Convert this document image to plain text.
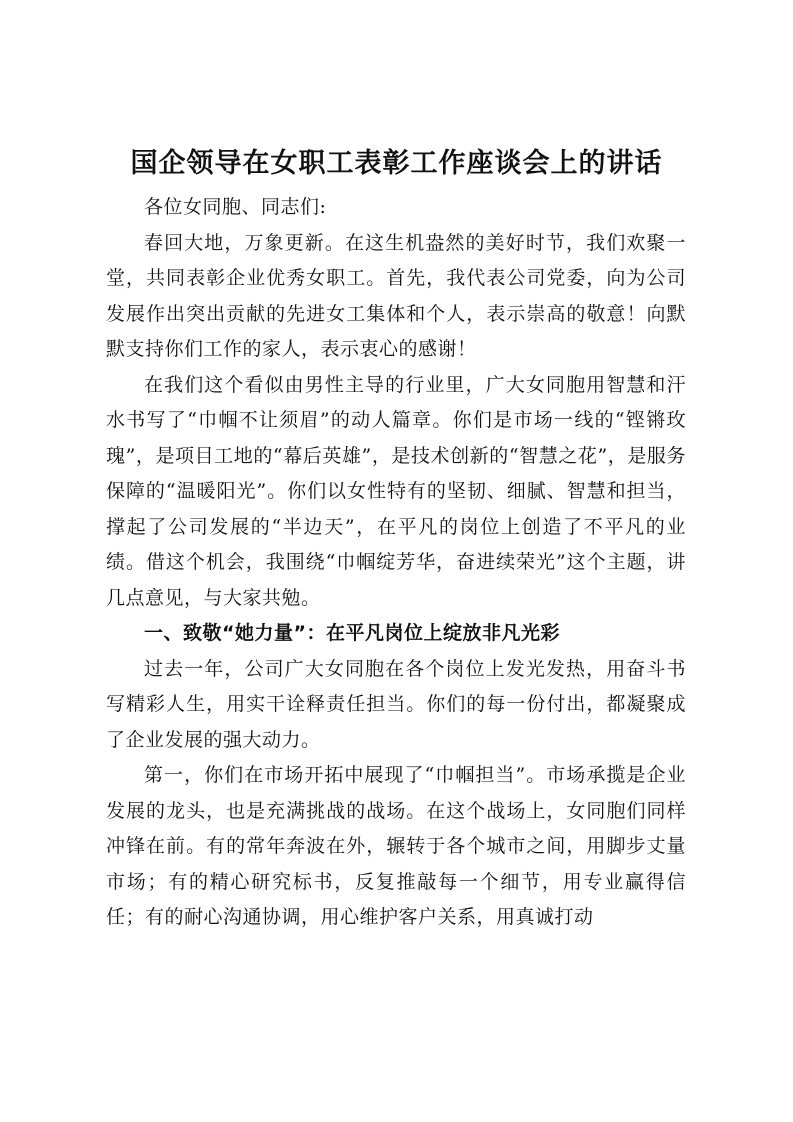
国企领导在女职工表彰工作座谈会上的讲话

各位女同胞、同志们:

春回大地，万象更新。在这生机盎然的美好时节，我们欢聚一堂，共同表彰企业优秀女职工。首先，我代表公司党委，向为公司发展作出突出贡献的先进女工集体和个人，表示崇高的敬意！向默默支持你们工作的家人，表示衷心的感谢！

在我们这个看似由男性主导的行业里，广大女同胞用智慧和汗水书写了“巾帼不让须眉”的动人篇章。你们是市场一线的“铿锵玫瑰”，是项目工地的“幕后英雄”，是技术创新的“智慧之花”，是服务保障的“温暖阳光”。你们以女性特有的坚韧、细腻、智慧和担当，撑起了公司发展的“半边天”，在平凡的岗位上创造了不平凡的业绩。借这个机会，我围绕“巾帼绽芳华，奋进续荣光”这个主题，讲几点意见，与大家共勉。

一、致敬“她力量”：在平凡岗位上绽放非凡光彩

过去一年，公司广大女同胞在各个岗位上发光发热，用奋斗书写精彩人生，用实干诠释责任担当。你们的每一份付出，都凝聚成了企业发展的强大动力。

第一，你们在市场开拓中展现了“巾帼担当”。市场承揽是企业发展的龙头，也是充满挑战的战场。在这个战场上，女同胞们同样冲锋在前。有的常年奔波在外，辗转于各个城市之间，用脚步丈量市场；有的精心研究标书，反复推敲每一个细节，用专业赢得信任；有的耐心沟通协调，用心维护客户关系，用真诚打动
